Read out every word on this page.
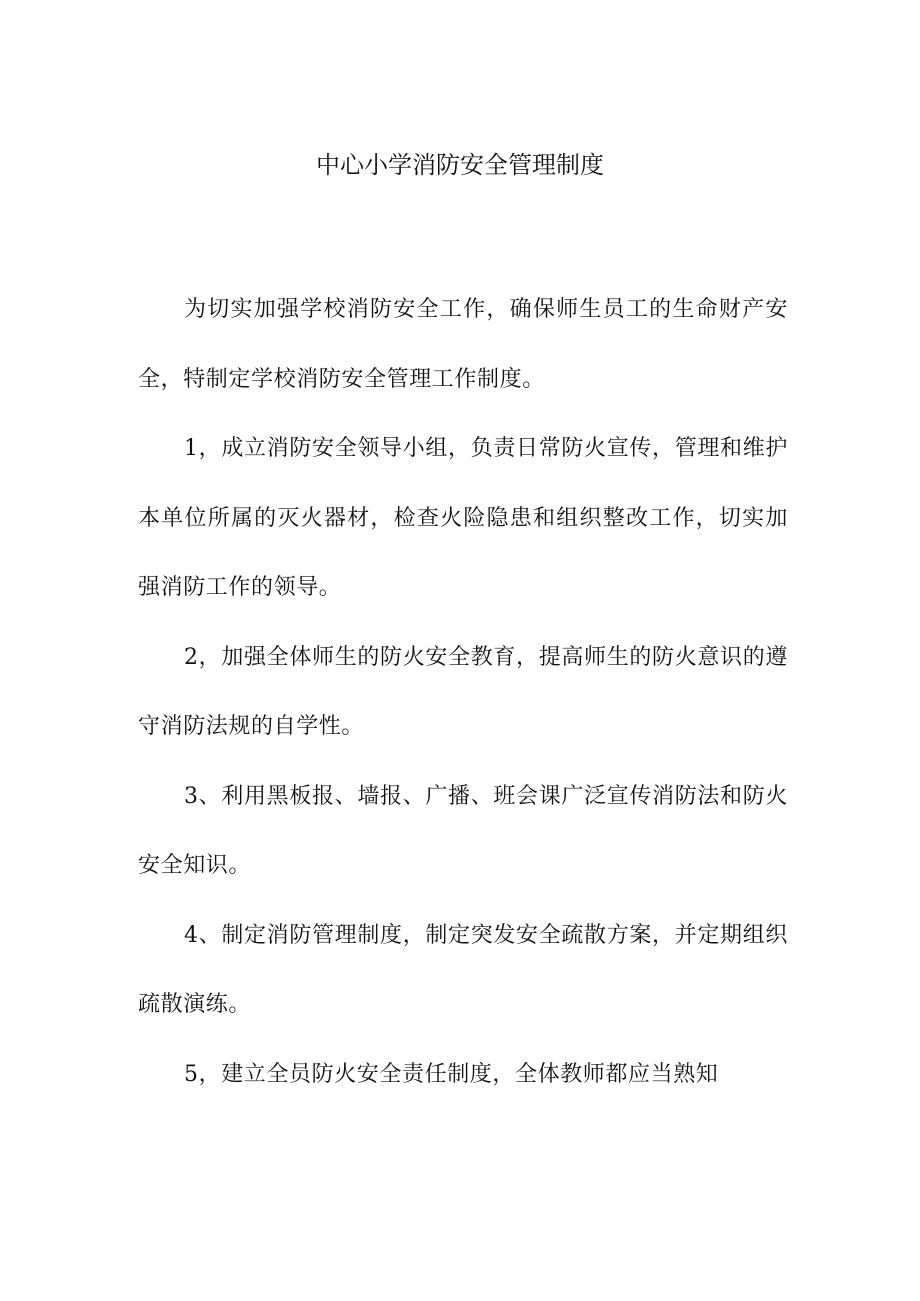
中心小学消防安全管理制度

为切实加强学校消防安全工作，确保师生员工的生命财产安全，特制定学校消防安全管理工作制度。

1，成立消防安全领导小组，负责日常防火宣传，管理和维护本单位所属的灭火器材，检查火险隐患和组织整改工作，切实加强消防工作的领导。

2，加强全体师生的防火安全教育，提高师生的防火意识的遵守消防法规的自学性。

3、利用黑板报、墙报、广播、班会课广泛宣传消防法和防火安全知识。

4、制定消防管理制度，制定突发安全疏散方案，并定期组织疏散演练。

5，建立全员防火安全责任制度，全体教师都应当熟知
